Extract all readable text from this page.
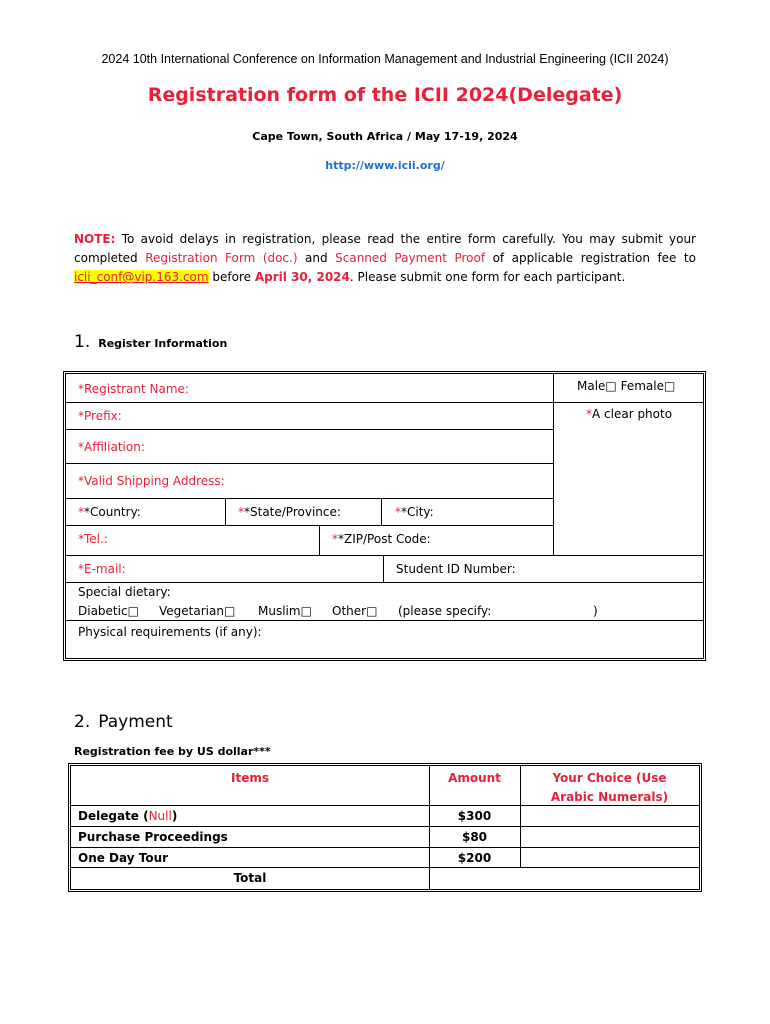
2024 10th International Conference on Information Management and Industrial Engineering (ICII 2024)
Registration form of the ICII 2024(Delegate)
Cape Town, South Africa / May 17-19, 2024
http://www.icii.org/
NOTE: To avoid delays in registration, please read the entire form carefully. You may submit your completed Registration Form (doc.) and Scanned Payment Proof of applicable registration fee to icii_conf@vip.163.com before April 30, 2024. Please submit one form for each participant.
1. Register Information
*Registrant Name:	Male□ Female□
*Prefix:	*A clear photo
*Affiliation:
*Valid Shipping Address:
**Country:	**State/Province:	**City:
*Tel.:	**ZIP/Post Code:
*E-mail:	Student ID Number:
Special dietary:
Diabetic□ Vegetarian□ Muslim□ Other□ (please specify:	)
Physical requirements (if any):
2. Payment
Registration fee by US dollar***
Items	Amount	Your Choice (Use
Arabic Numerals)
Delegate (Null)	$300
Purchase Proceedings	$80
One Day Tour	$200
Total
